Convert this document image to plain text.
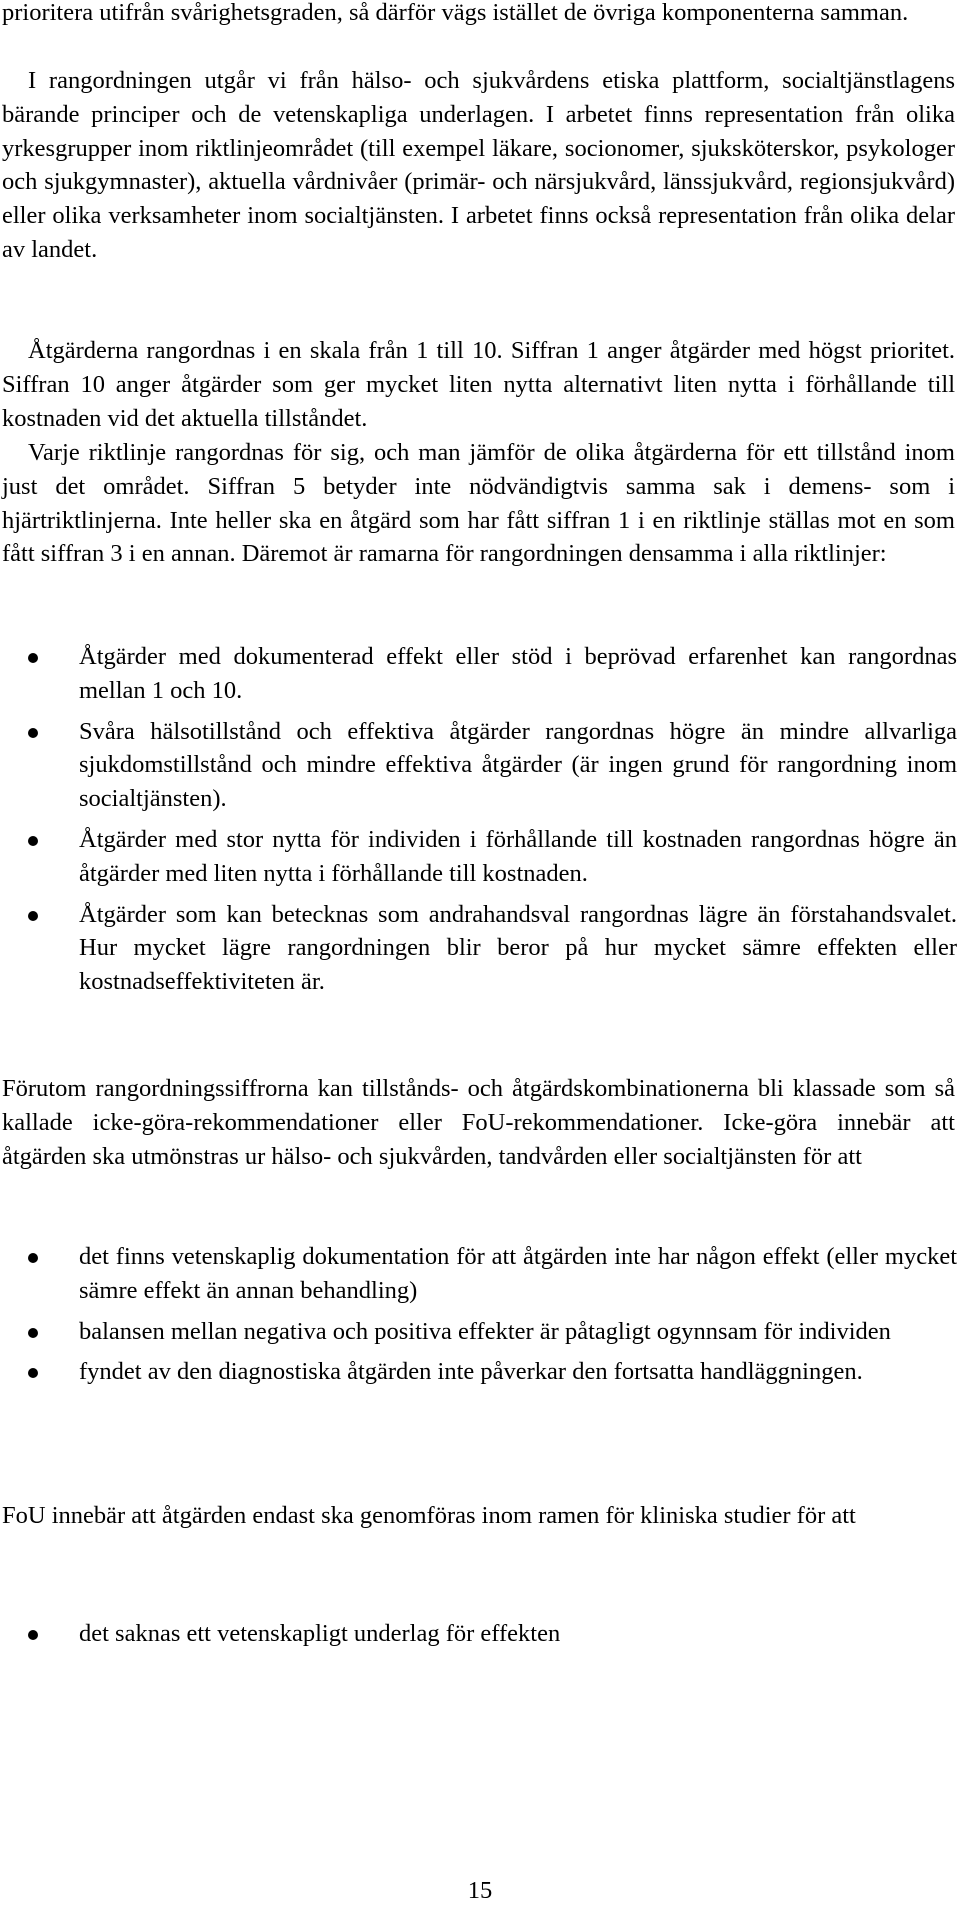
prioritera utifrån svårighetsgraden, så därför vägs istället de övriga komponenterna samman.
I rangordningen utgår vi från hälso- och sjukvårdens etiska plattform, socialtjänstlagens bärande principer och de vetenskapliga underlagen. I arbetet finns representation från olika yrkesgrupper inom riktlinjeområdet (till exempel läkare, socionomer, sjuksköterskor, psykologer och sjukgymnaster), aktuella vårdnivåer (primär- och närsjukvård, länssjukvård, regionsjukvård) eller olika verksamheter inom socialtjänsten. I arbetet finns också representation från olika delar av landet.
Åtgärderna rangordnas i en skala från 1 till 10. Siffran 1 anger åtgärder med högst prioritet. Siffran 10 anger åtgärder som ger mycket liten nytta alternativt liten nytta i förhållande till kostnaden vid det aktuella tillståndet.
Varje riktlinje rangordnas för sig, och man jämför de olika åtgärderna för ett tillstånd inom just det området. Siffran 5 betyder inte nödvändigtvis samma sak i demens- som i hjärtriktlinjerna. Inte heller ska en åtgärd som har fått siffran 1 i en riktlinje ställas mot en som fått siffran 3 i en annan. Däremot är ramarna för rangordningen densamma i alla riktlinjer:
Åtgärder med dokumenterad effekt eller stöd i beprövad erfarenhet kan rangordnas mellan 1 och 10.
Svåra hälsotillstånd och effektiva åtgärder rangordnas högre än mindre allvarliga sjukdomstillstånd och mindre effektiva åtgärder (är ingen grund för rangordning inom socialtjänsten).
Åtgärder med stor nytta för individen i förhållande till kostnaden rangordnas högre än åtgärder med liten nytta i förhållande till kostnaden.
Åtgärder som kan betecknas som andrahandsval rangordnas lägre än förstahandsvalet. Hur mycket lägre rangordningen blir beror på hur mycket sämre effekten eller kostnadseffektiviteten är.
Förutom rangordningssiffrorna kan tillstånds- och åtgärdskombinationerna bli klassade som så kallade icke-göra-rekommendationer eller FoU-rekommendationer. Icke-göra innebär att åtgärden ska utmönstras ur hälso- och sjukvården, tandvården eller socialtjänsten för att
det finns vetenskaplig dokumentation för att åtgärden inte har någon effekt (eller mycket sämre effekt än annan behandling)
balansen mellan negativa och positiva effekter är påtagligt ogynnsam för individen
fyndet av den diagnostiska åtgärden inte påverkar den fortsatta handläggningen.
FoU innebär att åtgärden endast ska genomföras inom ramen för kliniska studier för att
det saknas ett vetenskapligt underlag för effekten
15
